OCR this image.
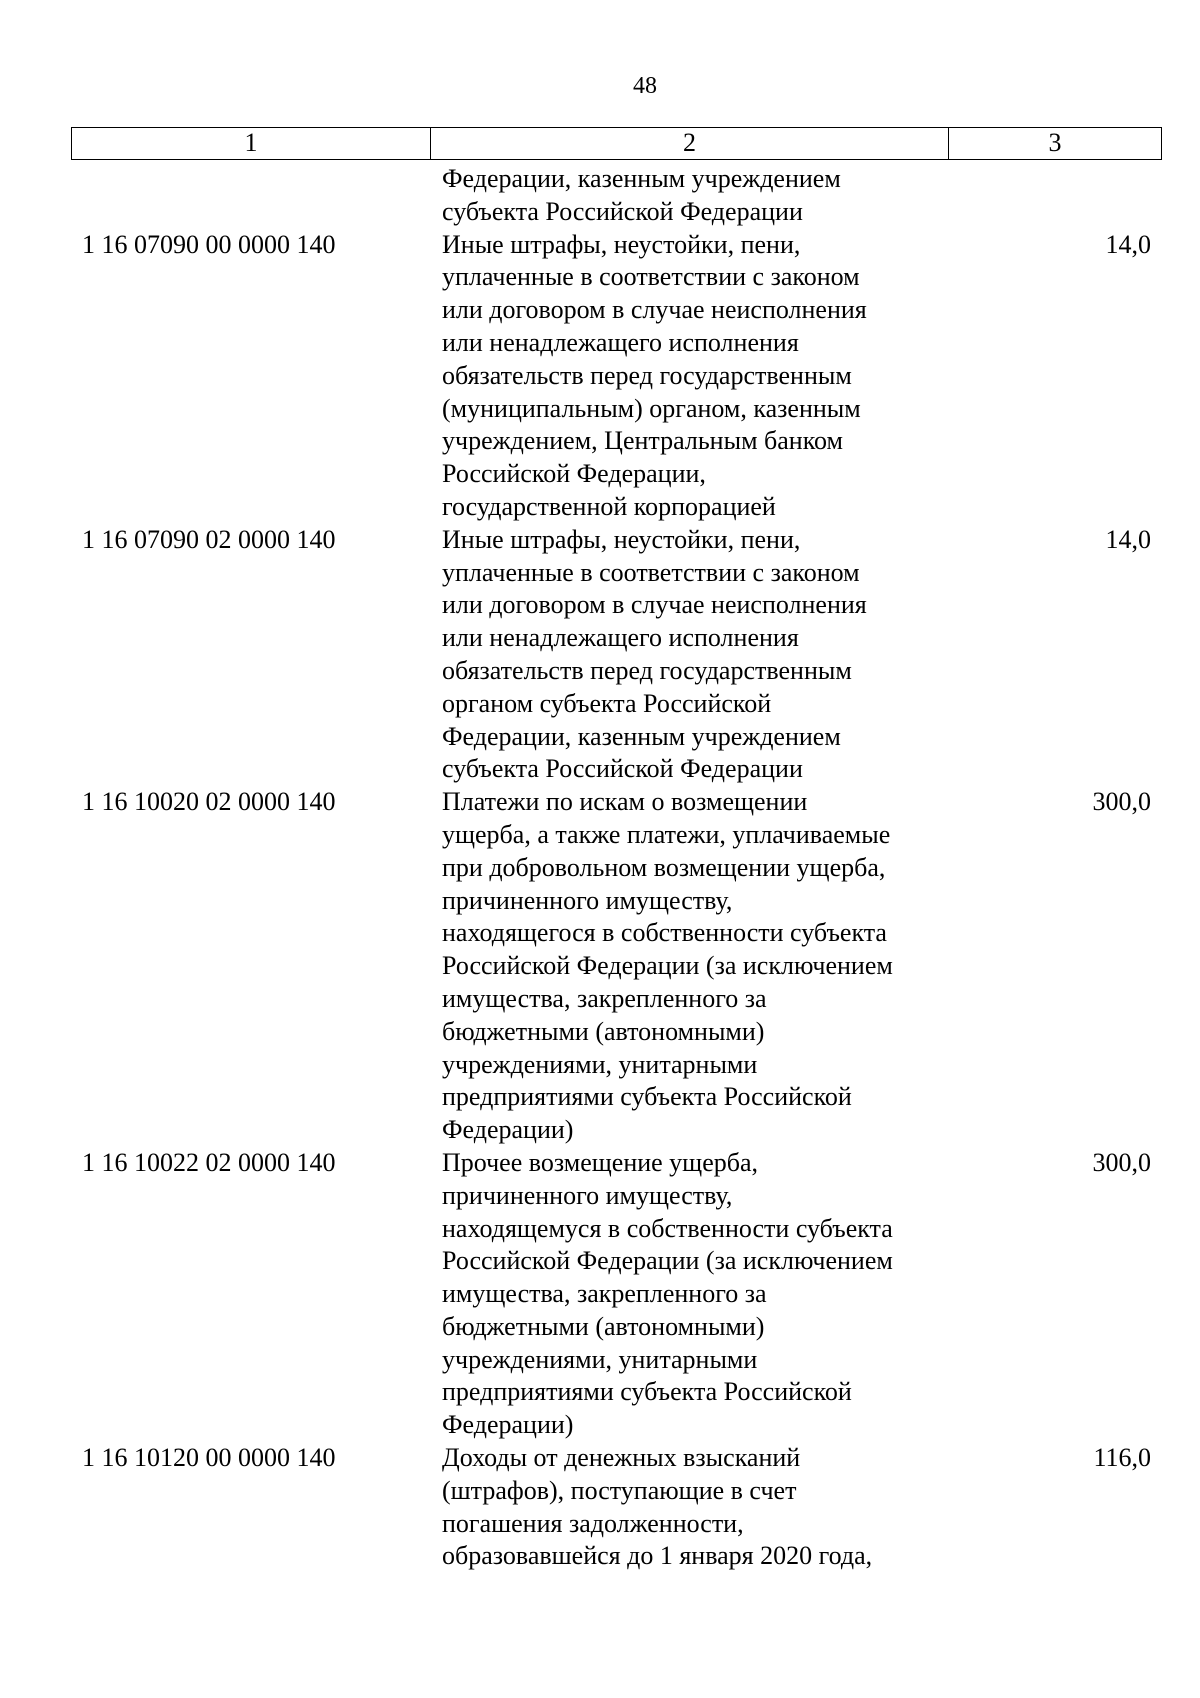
48
1	2	3
Федерации, казенным учреждением
субъекта Российской Федерации
1 16 07090 00 0000 140	Иные штрафы, неустойки, пени,
уплаченные в соответствии с законом
или договором в случае неисполнения
или ненадлежащего исполнения
обязательств перед государственным
(муниципальным) органом, казенным
учреждением, Центральным банком
Российской Федерации,
государственной корпорацией
14,0
1 16 07090 02 0000 140	Иные штрафы, неустойки, пени,
уплаченные в соответствии с законом
или договором в случае неисполнения
или ненадлежащего исполнения
обязательств перед государственным
органом субъекта Российской
Федерации, казенным учреждением
субъекта Российской Федерации
14,0
1 16 10020 02 0000 140	Платежи по искам о возмещении
ущерба, а также платежи, уплачиваемые
при добровольном возмещении ущерба,
причиненного имуществу,
находящегося в собственности субъекта
Российской Федерации (за исключением
имущества, закрепленного за
бюджетными (автономными)
учреждениями, унитарными
предприятиями субъекта Российской
Федерации)
300,0
1 16 10022 02 0000 140	Прочее возмещение ущерба,
причиненного имуществу,
находящемуся в собственности субъекта
Российской Федерации (за исключением
имущества, закрепленного за
бюджетными (автономными)
учреждениями, унитарными
предприятиями субъекта Российской
Федерации)
300,0
1 16 10120 00 0000 140	Доходы от денежных взысканий
(штрафов), поступающие в счет
погашения задолженности,
образовавшейся до 1 января 2020 года,
116,0
